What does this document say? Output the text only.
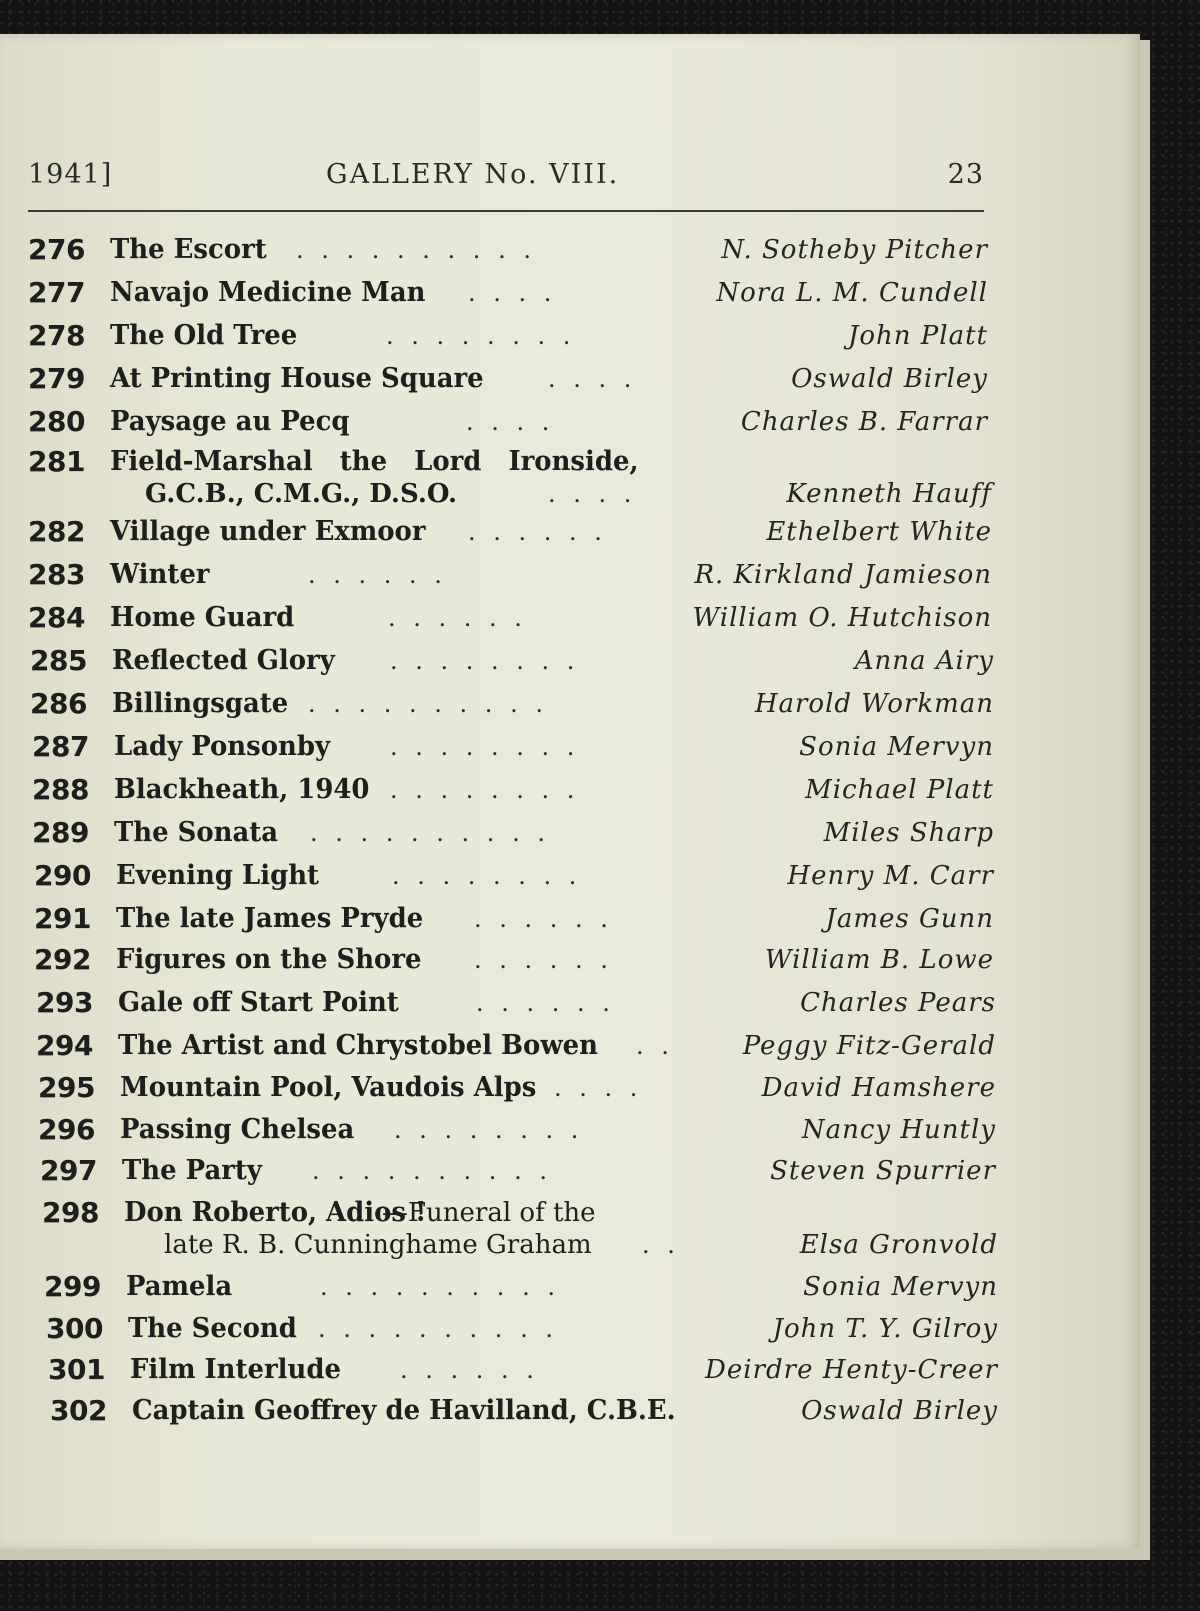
1941]	GALLERY No. VIII.	23
276 The Escort . . . . . . . . . .	N. Sotheby Pitcher
277 Navajo Medicine Man . . . .	Nora L. M. Cundell
278 The Old Tree	. . . . . . . .	John Platt
279 At Printing House Square	. . . .	Oswald Birley
280 Paysage au Pecq	. . . .	Charles B. Farrar
281 Field-Marshal   the   Lord   Ironside,
G.C.B., C.M.G., D.S.O.	. . . .	Kenneth Hauff
282 Village under Exmoor . . . . . .	Ethelbert White
283 Winter	. . . . . .	R. Kirkland Jamieson
284 Home Guard	. . . . . .	William O. Hutchison
285 Reflected Glory . . . . . . . .	Anna Airy
286 Billingsgate . . . . . . . . . .	Harold Workman
287 Lady Ponsonby . . . . . . . .	Sonia Mervyn
288 Blackheath, 1940 . . . . . . . .	Michael Platt
289 The Sonata . . . . . . . . . .	Miles Sharp
290 Evening Light	. . . . . . . .	Henry M. Carr
291 The late James Pryde . . . . . .	James Gunn
292 Figures on the Shore . . . . . .	William B. Lowe
293 Gale off Start Point	. . . . . .	Charles Pears
294 The Artist and Chrystobel Bowen . .	Peggy Fitz-Gerald
295 Mountain Pool, Vaudois Alps . . . .	David Hamshere
296 Passing Chelsea . . . . . . . .	Nancy Huntly
297 The Party . . . . . . . . . .	Steven Spurrier
298 Don Roberto, Adios !
—Funeral of the
late R. B. Cunninghame Graham . .	Elsa Gronvold
299 Pamela	. . . . . . . . . .	Sonia Mervyn
300 The Second . . . . . . . . . .	John T. Y. Gilroy
301 Film Interlude . . . . . .	Deirdre Henty-Creer
302 Captain Geoffrey de Havilland, C.B.E.	Oswald Birley
